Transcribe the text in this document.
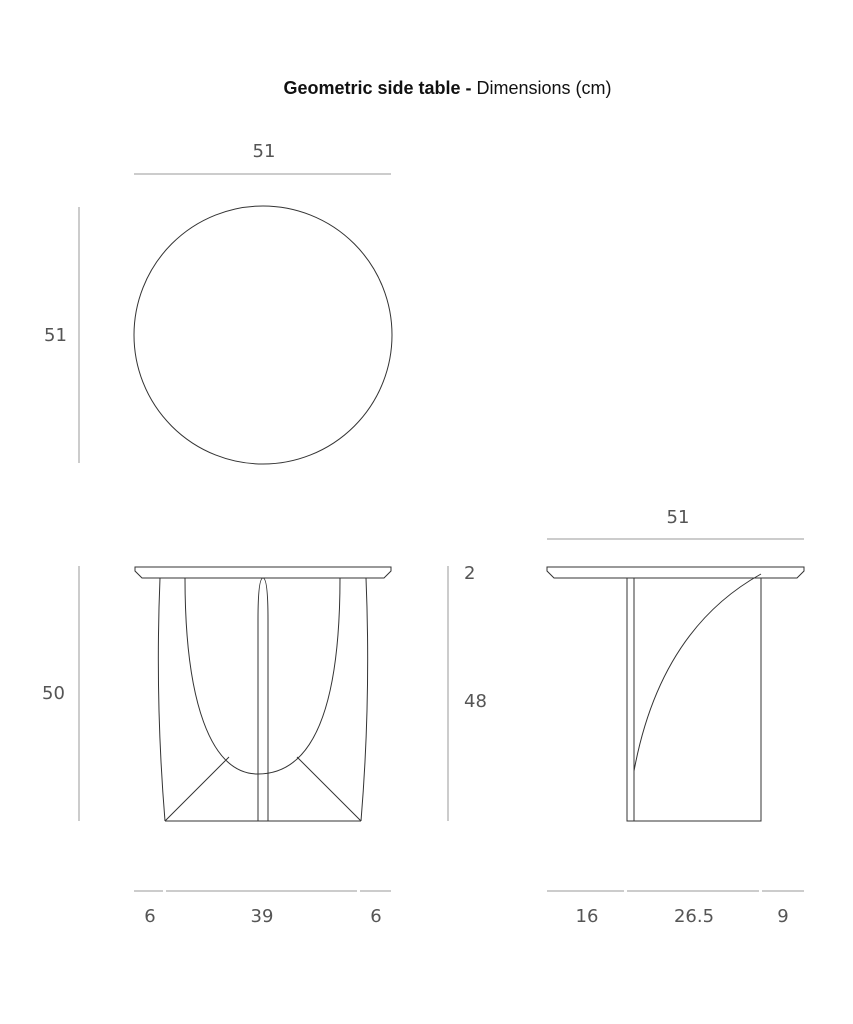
Geometric side table - Dimensions (cm)
51
51
50
2
48
51
6	39	6	16	26.5	9
